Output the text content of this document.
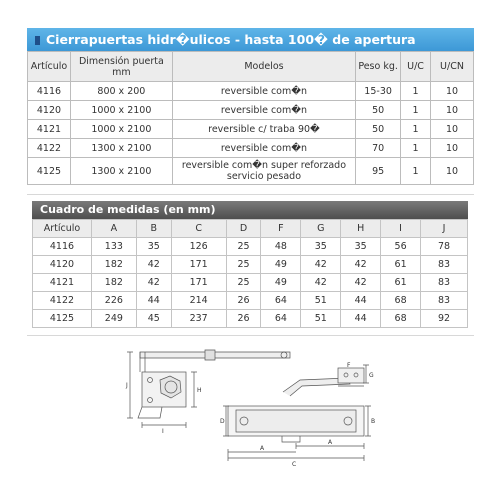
Cierrapuertas hidr�ulicos - hasta 100� de apertura
Artículo	Dimensión puerta mm	Modelos	Peso kg.	U/C	U/CN
4116	800 x 200	reversible com�n	15-30	1	10
4120	1000 x 2100	reversible com�n	50	1	10
4121	1000 x 2100	reversible c/ traba 90�	50	1	10
4122	1300 x 2100	reversible com�n	70	1	10
4125	1300 x 2100	reversible com�n super reforzado servicio pesado	95	1	10
Cuadro de medidas (en mm)
Artículo	A	B	C	D	F	G	H	I	J
4116	133	35	126	25	48	35	35	56	78
4120	182	42	171	25	49	42	42	61	83
4121	182	42	171	25	49	42	42	61	83
4122	226	44	214	26	64	51	44	68	83
4125	249	45	237	26	64	51	44	68	92
J
H
I
D
F
G
B
A
A
C
